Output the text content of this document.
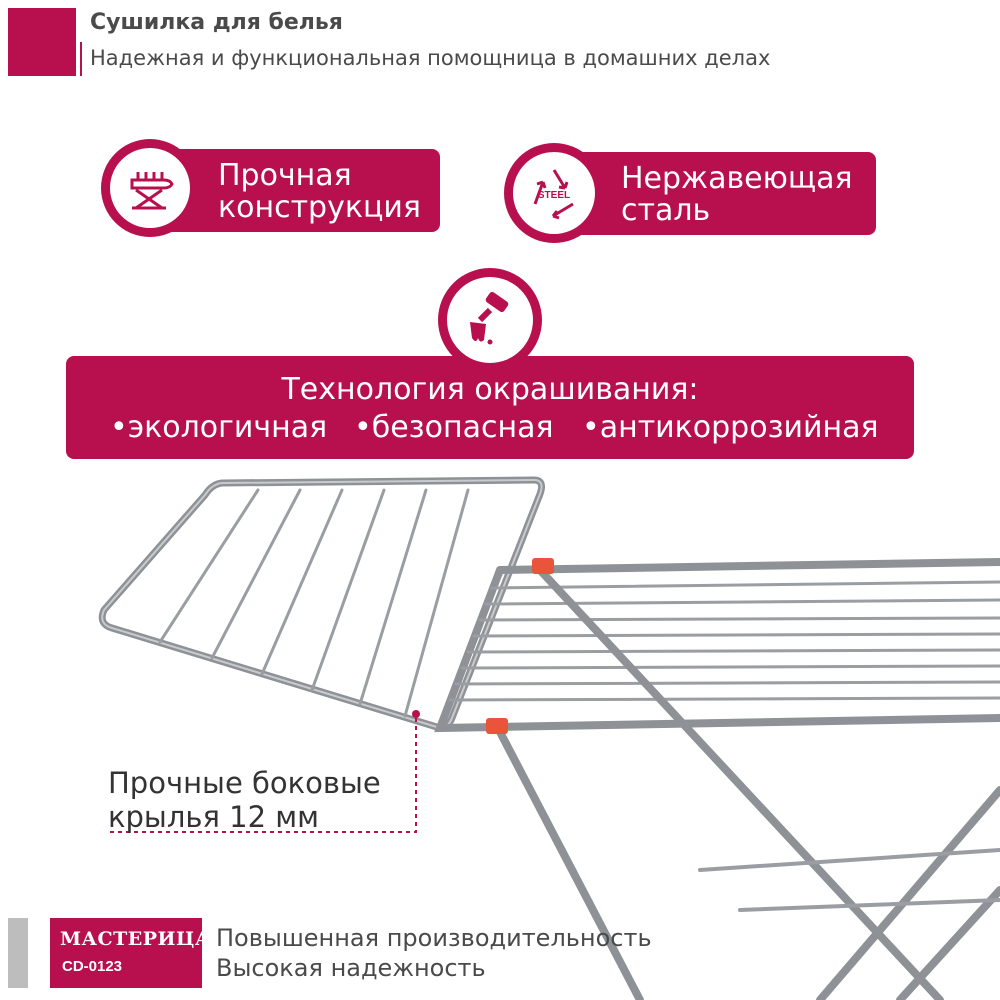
Сушилка для белья
Надежная и функциональная помощница в домашних делах
Прочная
конструкция
Нержавеющая
сталь
STEEL
Технология окрашивания:
•экологичная •безопасная •антикоррозийная
Прочные боковые
крылья 12 мм
МАСТЕРИЦА
CD-0123
Повышенная производительность
Высокая надежность
